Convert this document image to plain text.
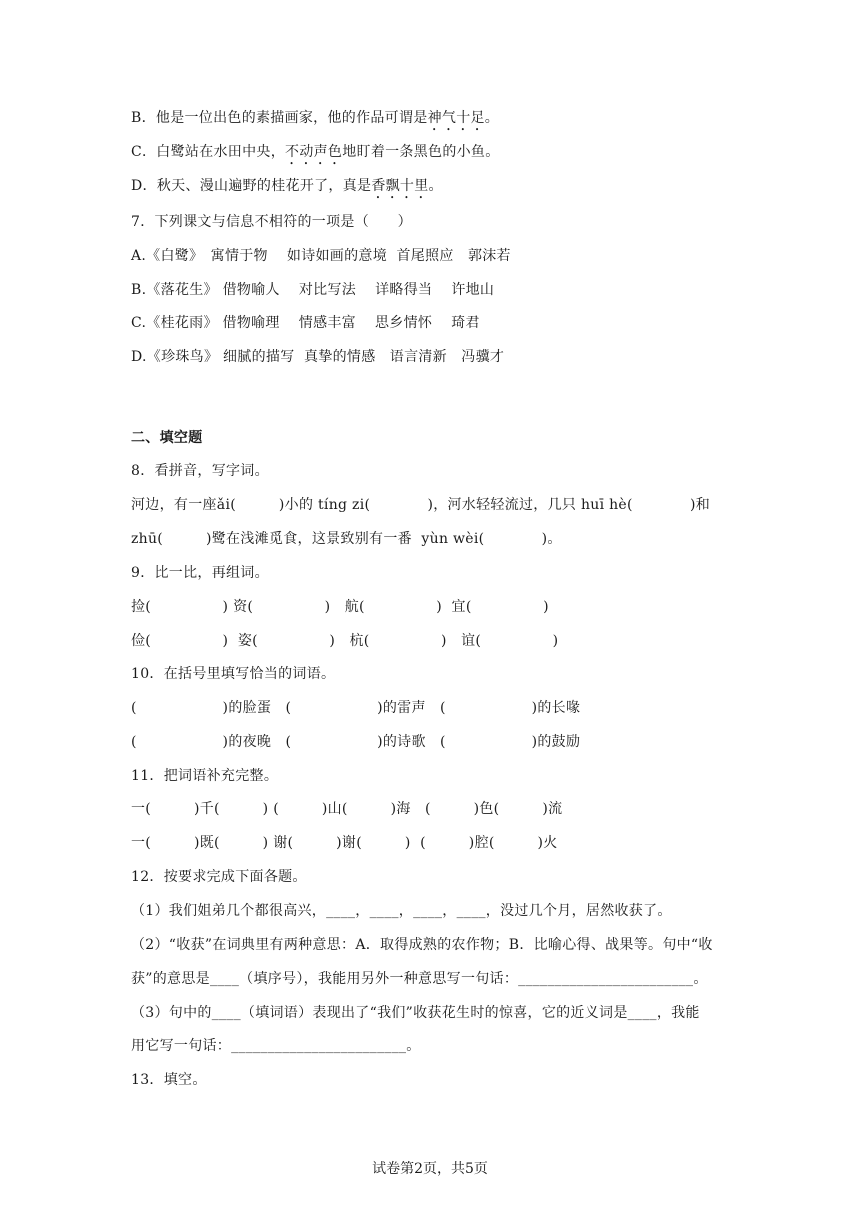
B．他是一位出色的素描画家，他的作品可谓是神气十足。
C．白鹭站在水田中央，不动声色地盯着一条黑色的小鱼。
D．秋天、漫山遍野的桂花开了，真是香飘十里。
7．下列课文与信息不相符的一项是（　　）
A.《白鹭》　寓情于物　 如诗如画的意境  首尾照应   郭沫若
B.《落花生》 借物喻人　 对比写法　 详略得当　 许地山
C.《桂花雨》 借物喻理　 情感丰富　 思乡情怀　 琦君
D.《珍珠鸟》 细腻的描写  真挚的情感   语言清新　冯骥才
二、填空题
8．看拼音，写字词。
河边，有一座ǎi(　　　)小的 tíng zi(　　　　)，河水轻轻流过，几只 huī hè(　　　　)和
zhū(　　　)鹭在浅滩觅食，这景致别有一番  yùn wèi(　　　　)。
9．比一比，再组词。
捡(　　　　　) 资(　　　　　)　航(　　　　　)  宜(　　　　　)
俭(　　　　　)  姿(　　　　　)　杭(　　　　　)　谊(　　　　　)
10．在括号里填写恰当的词语。
(　　　　　　)的脸蛋　(　　　　　　)的雷声　(　　　　　　)的长喙
(　　　　　　)的夜晚　(　　　　　　)的诗歌　(　　　　　　)的鼓励
11．把词语补充完整。
一(　　　)千(　　　) (　　　)山(　　　)海　(　　　)色(　　　)流
一(　　　)既(　　　) 谢(　　　)谢(　　　)  (　　　)腔(　　　)火
12．按要求完成下面各题。
（1）我们姐弟几个都很高兴，____，____，____，____，没过几个月，居然收获了。
（2）“收获”在词典里有两种意思：A．取得成熟的农作物；B．比喻心得、战果等。句中“收
获”的意思是____（填序号），我能用另外一种意思写一句话：________________________。
（3）句中的____（填词语）表现出了“我们”收获花生时的惊喜，它的近义词是____，我能
用它写一句话：________________________。
13．填空。
试卷第2页，共5页
